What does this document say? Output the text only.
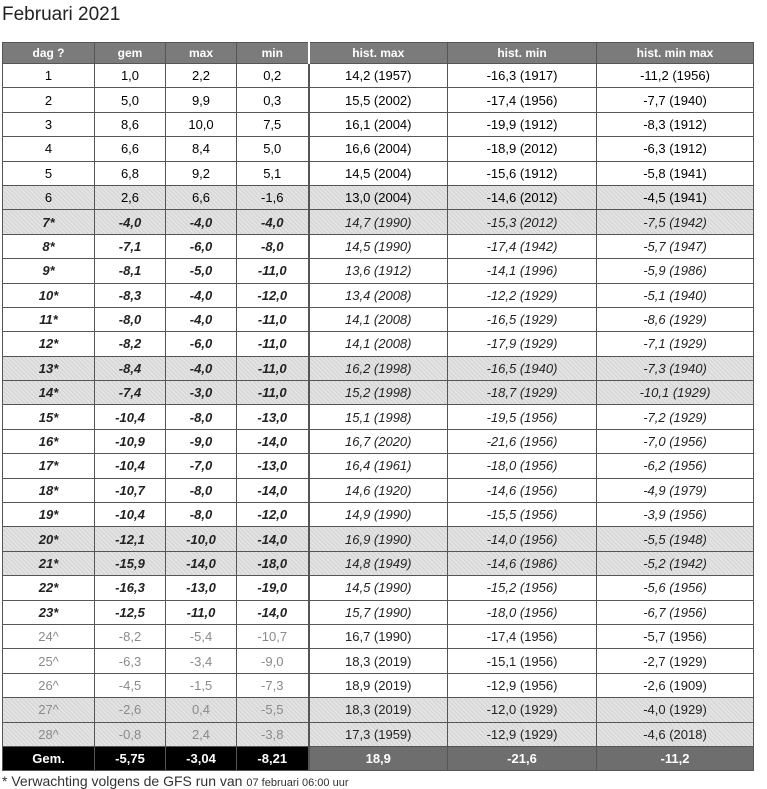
Februari 2021
dag ?	gem	max	min	hist. max	hist. min	hist. min max
1	1,0	2,2	0,2	14,2 (1957)	-16,3 (1917)	-11,2 (1956)
2	5,0	9,9	0,3	15,5 (2002)	-17,4 (1956)	-7,7 (1940)
3	8,6	10,0	7,5	16,1 (2004)	-19,9 (1912)	-8,3 (1912)
4	6,6	8,4	5,0	16,6 (2004)	-18,9 (2012)	-6,3 (1912)
5	6,8	9,2	5,1	14,5 (2004)	-15,6 (1912)	-5,8 (1941)
6	2,6	6,6	-1,6	13,0 (2004)	-14,6 (2012)	-4,5 (1941)
7*	-4,0	-4,0	-4,0	14,7 (1990)	-15,3 (2012)	-7,5 (1942)
8*	-7,1	-6,0	-8,0	14,5 (1990)	-17,4 (1942)	-5,7 (1947)
9*	-8,1	-5,0	-11,0	13,6 (1912)	-14,1 (1996)	-5,9 (1986)
10*	-8,3	-4,0	-12,0	13,4 (2008)	-12,2 (1929)	-5,1 (1940)
11*	-8,0	-4,0	-11,0	14,1 (2008)	-16,5 (1929)	-8,6 (1929)
12*	-8,2	-6,0	-11,0	14,1 (2008)	-17,9 (1929)	-7,1 (1929)
13*	-8,4	-4,0	-11,0	16,2 (1998)	-16,5 (1940)	-7,3 (1940)
14*	-7,4	-3,0	-11,0	15,2 (1998)	-18,7 (1929)	-10,1 (1929)
15*	-10,4	-8,0	-13,0	15,1 (1998)	-19,5 (1956)	-7,2 (1929)
16*	-10,9	-9,0	-14,0	16,7 (2020)	-21,6 (1956)	-7,0 (1956)
17*	-10,4	-7,0	-13,0	16,4 (1961)	-18,0 (1956)	-6,2 (1956)
18*	-10,7	-8,0	-14,0	14,6 (1920)	-14,6 (1956)	-4,9 (1979)
19*	-10,4	-8,0	-12,0	14,9 (1990)	-15,5 (1956)	-3,9 (1956)
20*	-12,1	-10,0	-14,0	16,9 (1990)	-14,0 (1956)	-5,5 (1948)
21*	-15,9	-14,0	-18,0	14,8 (1949)	-14,6 (1986)	-5,2 (1942)
22*	-16,3	-13,0	-19,0	14,5 (1990)	-15,2 (1956)	-5,6 (1956)
23*	-12,5	-11,0	-14,0	15,7 (1990)	-18,0 (1956)	-6,7 (1956)
24^	-8,2	-5,4	-10,7	16,7 (1990)	-17,4 (1956)	-5,7 (1956)
25^	-6,3	-3,4	-9,0	18,3 (2019)	-15,1 (1956)	-2,7 (1929)
26^	-4,5	-1,5	-7,3	18,9 (2019)	-12,9 (1956)	-2,6 (1909)
27^	-2,6	0,4	-5,5	18,3 (2019)	-12,0 (1929)	-4,0 (1929)
28^	-0,8	2,4	-3,8	17,3 (1959)	-12,9 (1929)	-4,6 (2018)
Gem.	-5,75	-3,04	-8,21	18,9	-21,6	-11,2
* Verwachting volgens de GFS run van 07 februari 06:00 uur
